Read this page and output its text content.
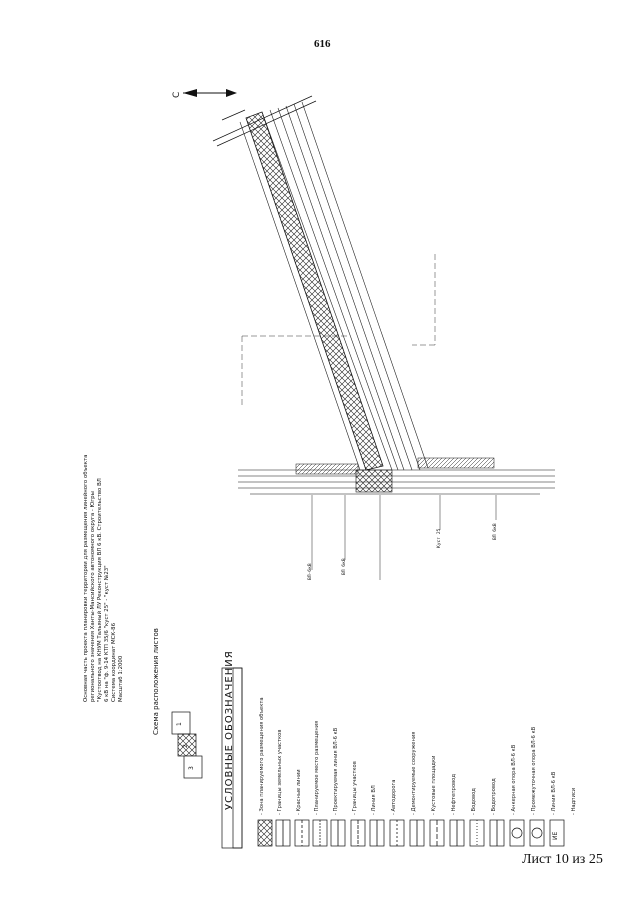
616
С
Основная часть проекта планировки территории для размещения линейного объекта регионального значения Ханты-Мансийского автономного округа - Югры "Кустоотвод на КНУМ Тальяный ЛУ Реконструкция ВЛ 6 кВ. Строительство ВЛ 6 кВ на "ф. 9-14 КТП 35/6 "куст 25" - "куст №23" Система координат МСК-86 Масштаб 1:2000	Схема расположения листов	1
2
3	УСЛОВНЫЕ ОБОЗНАЧЕНИЯ	- Зона планируемого размещения объекта - Границы земельных участков	- Красные линии - Планируемое место размещения	- Проектируемая линия ВЛ-6 кВ	- Границы участков	- Линия ВЛ	- Автодорога	- Демонтируемые сооружения	- Кустовые площадки	- Нефтепровод	- Водовод	- Водопровод	- Анкерная опора ВЛ-6 кВ	- Промежуточная опора ВЛ-6 кВ	- Линия ВЛ-6 кВ	- Надписи
ИЕ
ВЛ-6кВ	ВЛ 6кВ
Куст 25	ВЛ 6кВ
Лист 10 из 25
